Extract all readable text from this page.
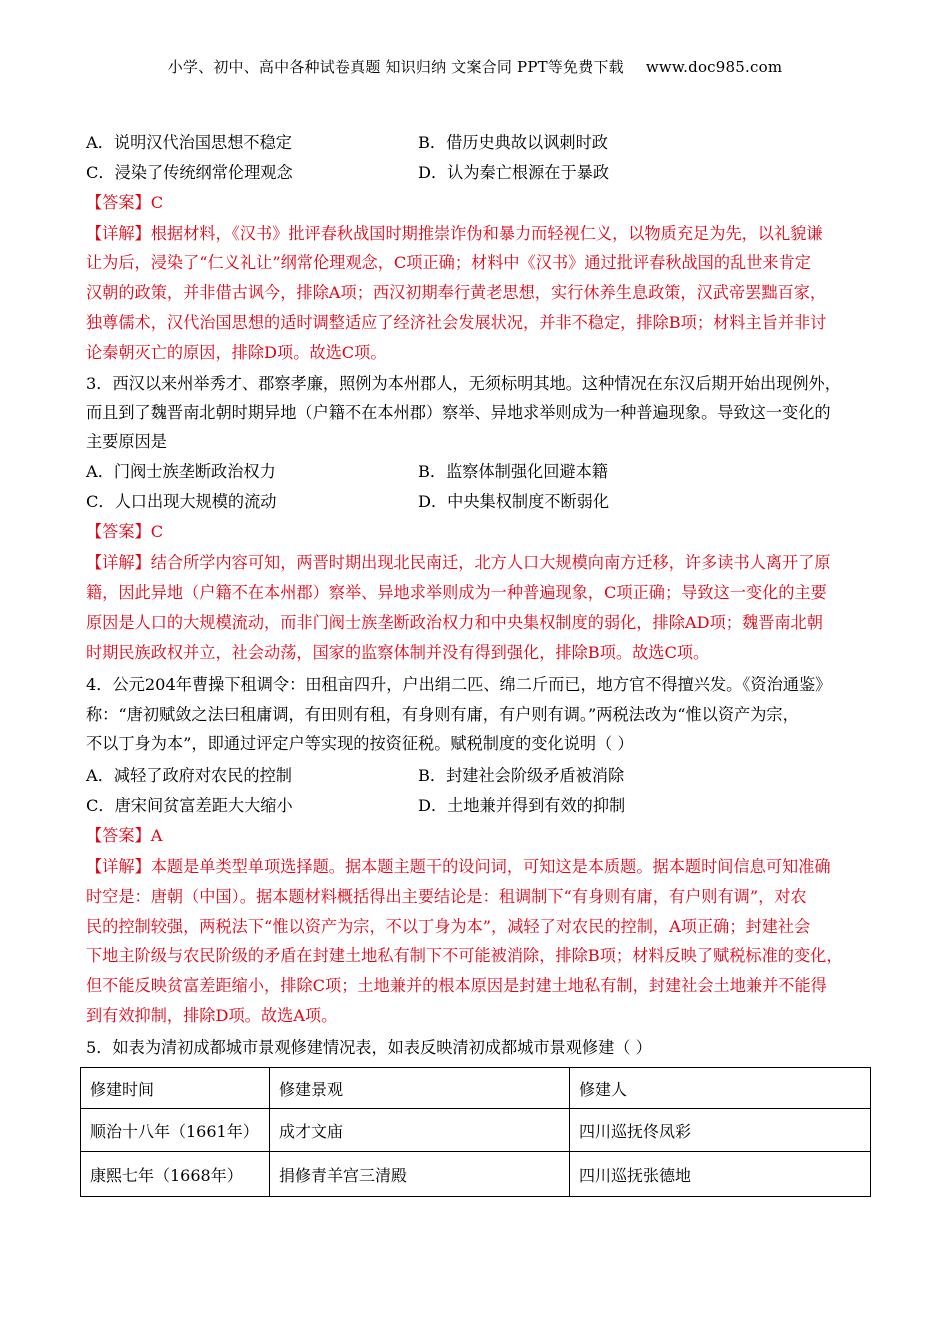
小学、初中、高中各种试卷真题 知识归纳 文案合同 PPT等免费下载 www.doc985.com
A．说明汉代治国思想不稳定	B．借历史典故以讽刺时政
C．浸染了传统纲常伦理观念	D．认为秦亡根源在于暴政
【答案】C
【详解】根据材料，《汉书》批评春秋战国时期推崇诈伪和暴力而轻视仁义，以物质充足为先，以礼貌谦
让为后，浸染了“仁义礼让”纲常伦理观念，C项正确；材料中《汉书》通过批评春秋战国的乱世来肯定
汉朝的政策，并非借古讽今，排除A项；西汉初期奉行黄老思想，实行休养生息政策，汉武帝罢黜百家，
独尊儒术，汉代治国思想的适时调整适应了经济社会发展状况，并非不稳定，排除B项；材料主旨并非讨
论秦朝灭亡的原因，排除D项。故选C项。
3．西汉以来州举秀才、郡察孝廉，照例为本州郡人，无须标明其地。这种情况在东汉后期开始出现例外，
而且到了魏晋南北朝时期异地（户籍不在本州郡）察举、异地求举则成为一种普遍现象。导致这一变化的
主要原因是
A．门阀士族垄断政治权力	B．监察体制强化回避本籍
C．人口出现大规模的流动	D．中央集权制度不断弱化
【答案】C
【详解】结合所学内容可知，两晋时期出现北民南迁，北方人口大规模向南方迁移，许多读书人离开了原
籍，因此异地（户籍不在本州郡）察举、异地求举则成为一种普遍现象，C项正确；导致这一变化的主要
原因是人口的大规模流动，而非门阀士族垄断政治权力和中央集权制度的弱化，排除AD项；魏晋南北朝
时期民族政权并立，社会动荡，国家的监察体制并没有得到强化，排除B项。故选C项。
4．公元204年曹操下租调令：田租亩四升，户出绢二匹、绵二斤而已，地方官不得擅兴发。《资治通鉴》
称：“唐初赋敛之法曰租庸调，有田则有租，有身则有庸，有户则有调。”两税法改为“惟以资产为宗，
不以丁身为本”，即通过评定户等实现的按资征税。赋税制度的变化说明（ ）
A．减轻了政府对农民的控制	B．封建社会阶级矛盾被消除
C．唐宋间贫富差距大大缩小	D．土地兼并得到有效的抑制
【答案】A
【详解】本题是单类型单项选择题。据本题主题干的设问词，可知这是本质题。据本题时间信息可知准确
时空是：唐朝（中国）。据本题材料概括得出主要结论是：租调制下“有身则有庸，有户则有调”，对农
民的控制较强，两税法下“惟以资产为宗，不以丁身为本”，减轻了对农民的控制，A项正确；封建社会
下地主阶级与农民阶级的矛盾在封建土地私有制下不可能被消除，排除B项；材料反映了赋税标准的变化，
但不能反映贫富差距缩小，排除C项；土地兼并的根本原因是封建土地私有制，封建社会土地兼并不能得
到有效抑制，排除D项。故选A项。
5．如表为清初成都城市景观修建情况表，如表反映清初成都城市景观修建（ ）
修建时间	修建景观	修建人
顺治十八年（1661年）	成才文庙	四川巡抚佟凤彩
康熙七年（1668年）	捐修青羊宫三清殿	四川巡抚张德地
